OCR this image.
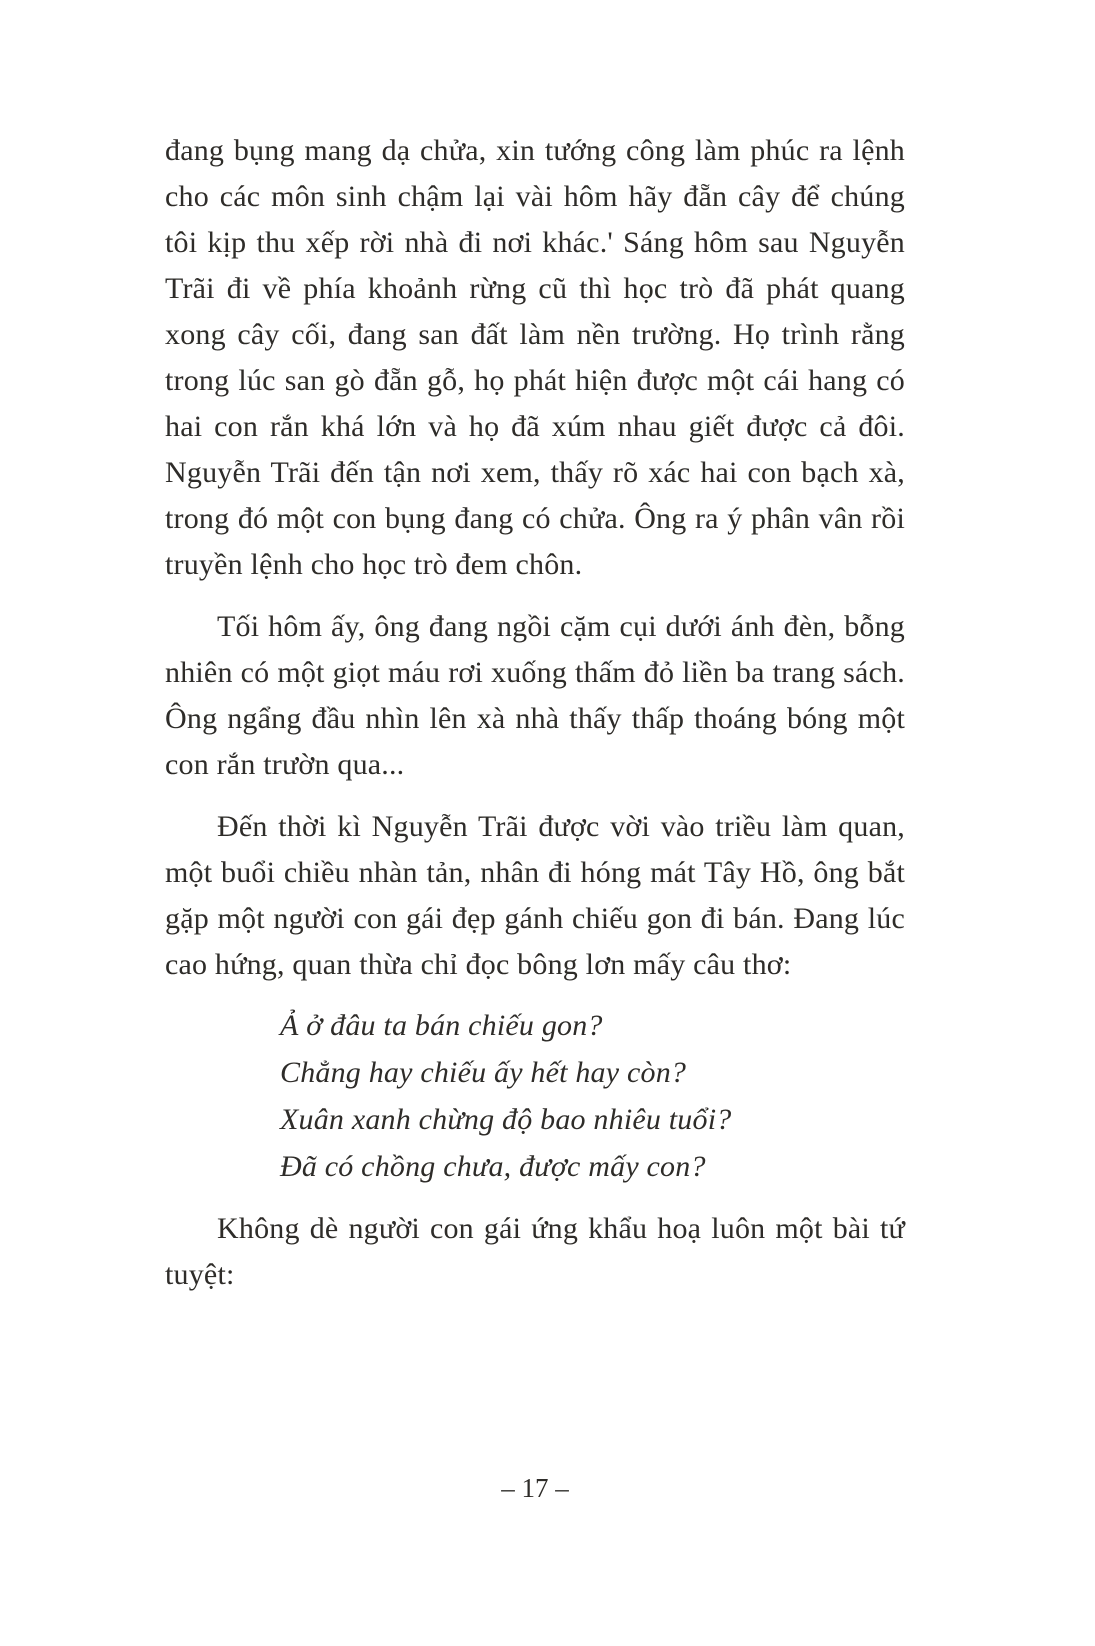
đang bụng mang dạ chửa, xin tướng công làm phúc ra lệnh cho các môn sinh chậm lại vài hôm hãy đẵn cây để chúng tôi kịp thu xếp rời nhà đi nơi khác.' Sáng hôm sau Nguyễn Trãi đi về phía khoảnh rừng cũ thì học trò đã phát quang xong cây cối, đang san đất làm nền trường. Họ trình rằng trong lúc san gò đẵn gỗ, họ phát hiện được một cái hang có hai con rắn khá lớn và họ đã xúm nhau giết được cả đôi. Nguyễn Trãi đến tận nơi xem, thấy rõ xác hai con bạch xà, trong đó một con bụng đang có chửa. Ông ra ý phân vân rồi truyền lệnh cho học trò đem chôn.

Tối hôm ấy, ông đang ngồi cặm cụi dưới ánh đèn, bỗng nhiên có một giọt máu rơi xuống thấm đỏ liền ba trang sách. Ông ngẩng đầu nhìn lên xà nhà thấy thấp thoáng bóng một con rắn trườn qua...

Đến thời kì Nguyễn Trãi được vời vào triều làm quan, một buổi chiều nhàn tản, nhân đi hóng mát Tây Hồ, ông bắt gặp một người con gái đẹp gánh chiếu gon đi bán. Đang lúc cao hứng, quan thừa chỉ đọc bông lơn mấy câu thơ:

Ả ở đâu ta bán chiếu gon?
Chẳng hay chiếu ấy hết hay còn?
Xuân xanh chừng độ bao nhiêu tuổi?
Đã có chồng chưa, được mấy con?

Không dè người con gái ứng khẩu hoạ luôn một bài tứ tuyệt:

– 17 –
